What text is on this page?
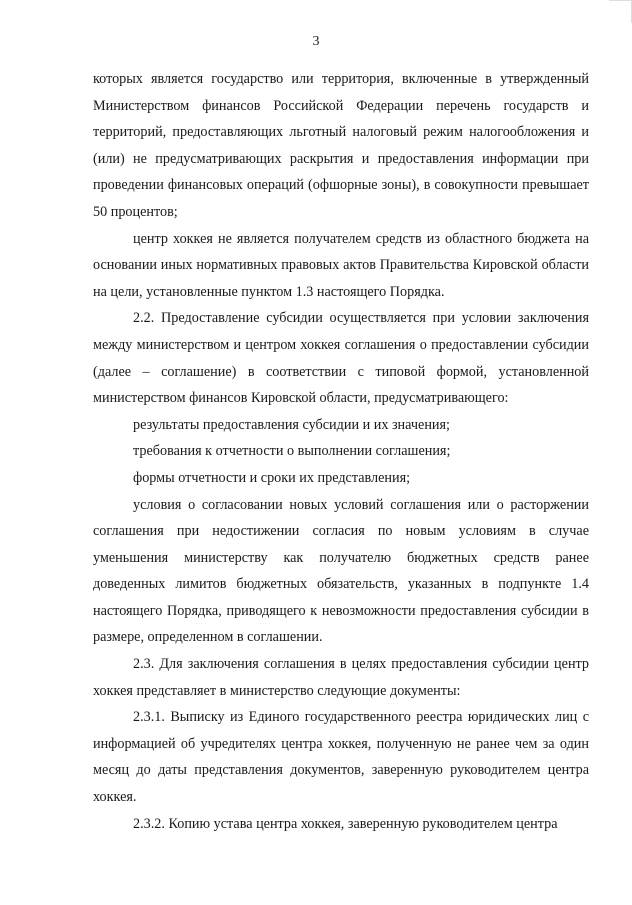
3

которых является государство или территория, включенные в утвержденный Министерством финансов Российской Федерации перечень государств и территорий, предоставляющих льготный налоговый режим налогообложения и (или) не предусматривающих раскрытия и предоставления информации при проведении финансовых операций (офшорные зоны), в совокупности превышает 50 процентов;

центр хоккея не является получателем средств из областного бюджета на основании иных нормативных правовых актов Правительства Кировской области на цели, установленные пунктом 1.3 настоящего Порядка.

2.2. Предоставление субсидии осуществляется при условии заключения между министерством и центром хоккея соглашения о предоставлении субсидии (далее – соглашение) в соответствии с типовой формой, установленной министерством финансов Кировской области, предусматривающего:

результаты предоставления субсидии и их значения;

требования к отчетности о выполнении соглашения;

формы отчетности и сроки их представления;

условия о согласовании новых условий соглашения или о расторжении соглашения при недостижении согласия по новым условиям в случае уменьшения министерству как получателю бюджетных средств ранее доведенных лимитов бюджетных обязательств, указанных в подпункте 1.4 настоящего Порядка, приводящего к невозможности предоставления субсидии в размере, определенном в соглашении.

2.3. Для заключения соглашения в целях предоставления субсидии центр хоккея представляет в министерство следующие документы:

2.3.1. Выписку из Единого государственного реестра юридических лиц с информацией об учредителях центра хоккея, полученную не ранее чем за один месяц до даты представления документов, заверенную руководителем центра хоккея.

2.3.2. Копию устава центра хоккея, заверенную руководителем центра
